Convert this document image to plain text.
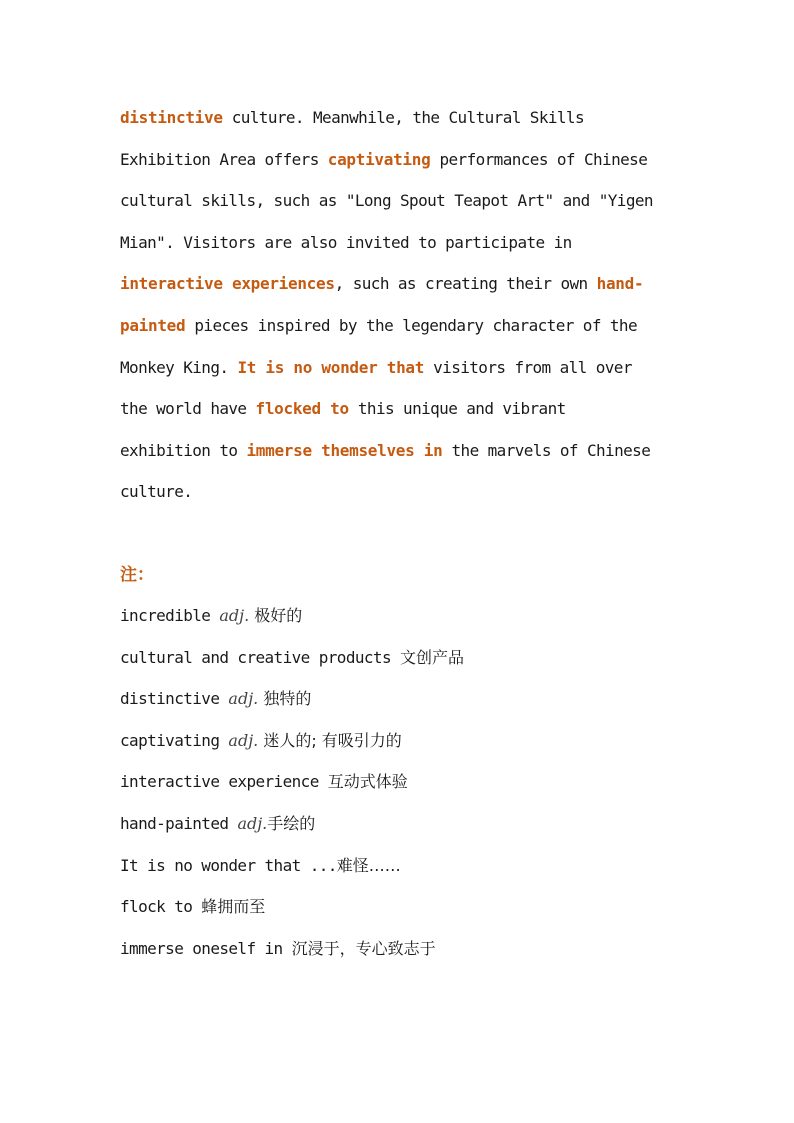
distinctive culture. Meanwhile, the Cultural Skills
Exhibition Area offers captivating performances of Chinese
cultural skills, such as "Long Spout Teapot Art" and "Yigen
Mian". Visitors are also invited to participate in
interactive experiences, such as creating their own hand-
painted pieces inspired by the legendary character of the
Monkey King. It is no wonder that visitors from all over
the world have flocked to this unique and vibrant
exhibition to immerse themselves in the marvels of Chinese
culture.
注：
incredible adj. 极好的
cultural and creative products 文创产品
distinctive adj. 独特的
captivating adj. 迷人的; 有吸引力的
interactive experience 互动式体验
hand-painted adj.手绘的
It is no wonder that ...难怪……
flock to 蜂拥而至
immerse oneself in 沉浸于，专心致志于
